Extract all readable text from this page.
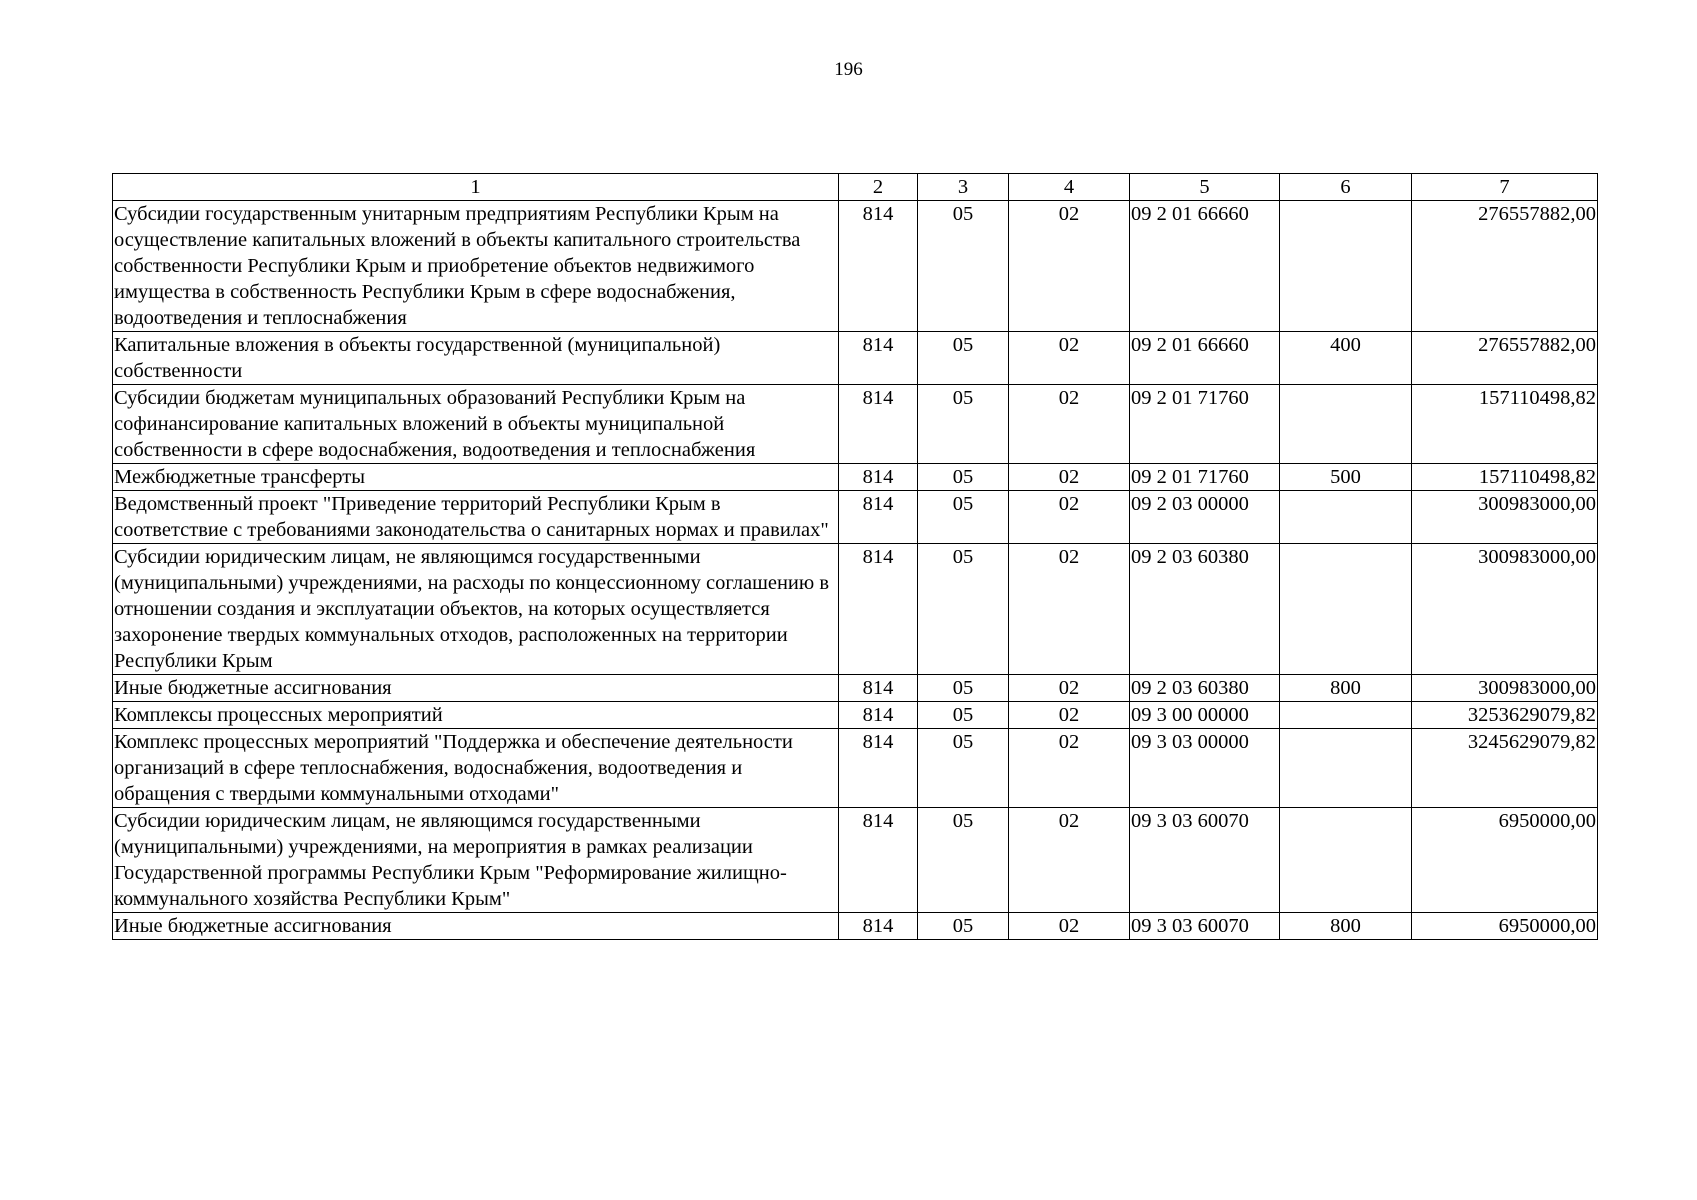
196
1	2	3	4	5	6	7
Субсидии государственным унитарным предприятиям Республики Крым на осуществление капитальных вложений в объекты капитального строительства собственности Республики Крым и приобретение объектов недвижимого имущества в собственность Республики Крым в сфере водоснабжения, водоотведения и теплоснабжения	814	05	02	09 2 01 66660		276557882,00
Капитальные вложения в объекты государственной (муниципальной) собственности	814	05	02	09 2 01 66660	400	276557882,00
Субсидии бюджетам муниципальных образований Республики Крым на софинансирование капитальных вложений в объекты муниципальной собственности в сфере водоснабжения, водоотведения и теплоснабжения	814	05	02	09 2 01 71760		157110498,82
Межбюджетные трансферты	814	05	02	09 2 01 71760	500	157110498,82
Ведомственный проект "Приведение территорий Республики Крым в соответствие с требованиями законодательства о санитарных нормах и правилах"	814	05	02	09 2 03 00000		300983000,00
Субсидии юридическим лицам, не являющимся государственными (муниципальными) учреждениями, на расходы по концессионному соглашению в отношении создания и эксплуатации объектов, на которых осуществляется захоронение твердых коммунальных отходов, расположенных на территории Республики Крым	814	05	02	09 2 03 60380		300983000,00
Иные бюджетные ассигнования	814	05	02	09 2 03 60380	800	300983000,00
Комплексы процессных мероприятий	814	05	02	09 3 00 00000		3253629079,82
Комплекс процессных мероприятий "Поддержка и обеспечение деятельности организаций в сфере теплоснабжения, водоснабжения, водоотведения и обращения с твердыми коммунальными отходами"	814	05	02	09 3 03 00000		3245629079,82
Субсидии юридическим лицам, не являющимся государственными (муниципальными) учреждениями, на мероприятия в рамках реализации Государственной программы Республики Крым "Реформирование жилищно-коммунального хозяйства Республики Крым"	814	05	02	09 3 03 60070		6950000,00
Иные бюджетные ассигнования	814	05	02	09 3 03 60070	800	6950000,00
